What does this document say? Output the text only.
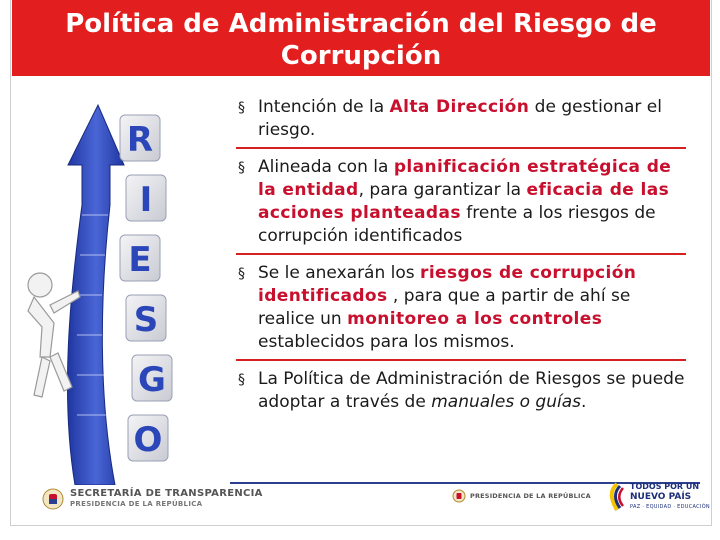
Política de Administración del Riesgo de
Corrupción
R
I
E
S
G
O
§ Intención de la Alta Dirección de gestionar el riesgo.
§ Alineada con la planificación estratégica de la entidad, para garantizar la eficacia de las acciones planteadas frente a los riesgos de corrupción identificados
§ Se le anexarán los riesgos de corrupción identificados , para que a partir de ahí se realice un monitoreo a los controles establecidos para los mismos.
§ La Política de Administración de Riesgos se puede adoptar a través de manuales o guías.
SECRETARÍA DE TRANSPARENCIA
PRESIDENCIA DE LA REPÚBLICA
PRESIDENCIA DE LA REPÚBLICA
TODOS POR UN
NUEVO PAÍS
PAZ · EQUIDAD · EDUCACIÓN
